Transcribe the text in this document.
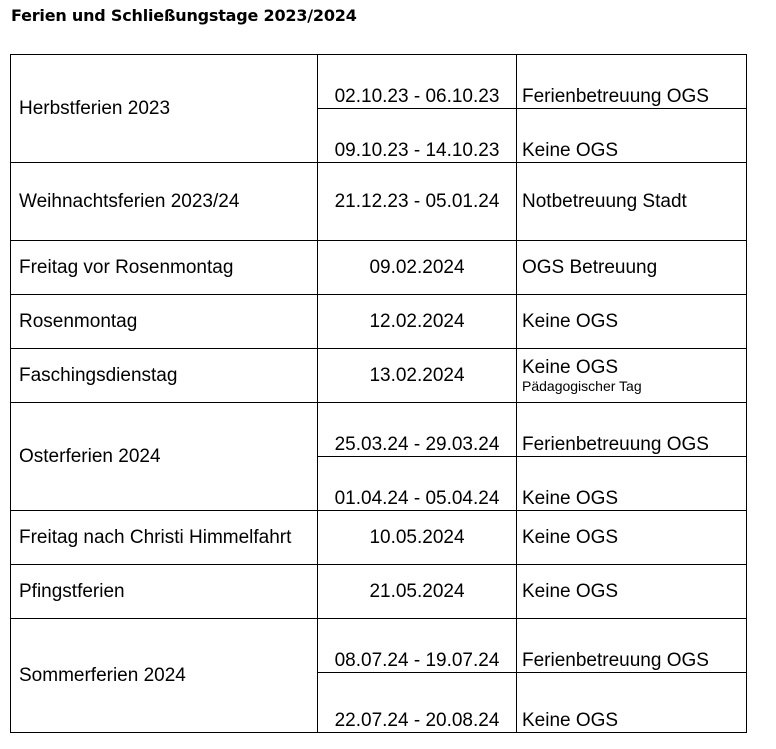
Ferien und Schließungstage 2023/2024
Herbstferien 2023	02.10.23 - 06.10.23	Ferienbetreuung OGS
	09.10.23 - 14.10.23	Keine OGS
Weihnachtsferien 2023/24	21.12.23 - 05.01.24	Notbetreuung Stadt
Freitag vor Rosenmontag	09.02.2024	OGS Betreuung
Rosenmontag	12.02.2024	Keine OGS
Faschingsdienstag	13.02.2024	Keine OGS
Pädagogischer Tag

Osterferien 2024	25.03.24 - 29.03.24	Ferienbetreuung OGS
	01.04.24 - 05.04.24	Keine OGS
Freitag nach Christi Himmelfahrt	10.05.2024	Keine OGS
Pfingstferien	21.05.2024	Keine OGS
Sommerferien 2024	08.07.24 - 19.07.24	Ferienbetreuung OGS
	22.07.24 - 20.08.24	Keine OGS
